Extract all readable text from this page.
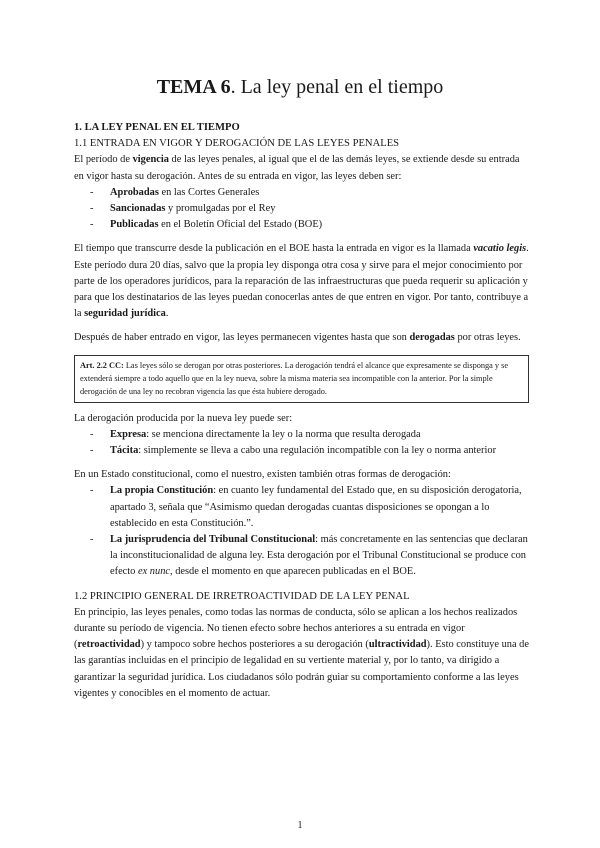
TEMA 6. La ley penal en el tiempo

1. LA LEY PENAL EN EL TIEMPO

1.1 ENTRADA EN VIGOR Y DEROGACIÓN DE LAS LEYES PENALES

El período de vigencia de las leyes penales, al igual que el de las demás leyes, se extiende desde su entrada en vigor hasta su derogación. Antes de su entrada en vigor, las leyes deben ser:

- Aprobadas en las Cortes Generales
- Sancionadas y promulgadas por el Rey
- Publicadas en el Boletín Oficial del Estado (BOE)

El tiempo que transcurre desde la publicación en el BOE hasta la entrada en vigor es la llamada vacatio legis. Este período dura 20 días, salvo que la propia ley disponga otra cosa y sirve para el mejor conocimiento por parte de los operadores jurídicos, para la reparación de las infraestructuras que pueda requerir su aplicación y para que los destinatarios de las leyes puedan conocerlas antes de que entren en vigor. Por tanto, contribuye a la seguridad jurídica.

Después de haber entrado en vigor, las leyes permanecen vigentes hasta que son derogadas por otras leyes.

Art. 2.2 CC: Las leyes sólo se derogan por otras posteriores. La derogación tendrá el alcance que expresamente se disponga y se extenderá siempre a todo aquello que en la ley nueva, sobre la misma materia sea incompatible con la anterior. Por la simple derogación de una ley no recobran vigencia las que ésta hubiere derogado.

La derogación producida por la nueva ley puede ser:

- Expresa: se menciona directamente la ley o la norma que resulta derogada
- Tácita: simplemente se lleva a cabo una regulación incompatible con la ley o norma anterior

En un Estado constitucional, como el nuestro, existen también otras formas de derogación:

- La propia Constitución: en cuanto ley fundamental del Estado que, en su disposición derogatoria, apartado 3, señala que “Asimismo quedan derogadas cuantas disposiciones se opongan a lo establecido en esta Constitución.”.
- La jurisprudencia del Tribunal Constitucional: más concretamente en las sentencias que declaran la inconstitucionalidad de alguna ley. Esta derogación por el Tribunal Constitucional se produce con efecto ex nunc, desde el momento en que aparecen publicadas en el BOE.

1.2 PRINCIPIO GENERAL DE IRRETROACTIVIDAD DE LA LEY PENAL

En principio, las leyes penales, como todas las normas de conducta, sólo se aplican a los hechos realizados durante su período de vigencia. No tienen efecto sobre hechos anteriores a su entrada en vigor (retroactividad) y tampoco sobre hechos posteriores a su derogación (ultractividad). Esto constituye una de las garantías incluidas en el principio de legalidad en su vertiente material y, por lo tanto, va dirigido a garantizar la seguridad jurídica. Los ciudadanos sólo podrán guiar su comportamiento conforme a las leyes vigentes y conocibles en el momento de actuar.

1
